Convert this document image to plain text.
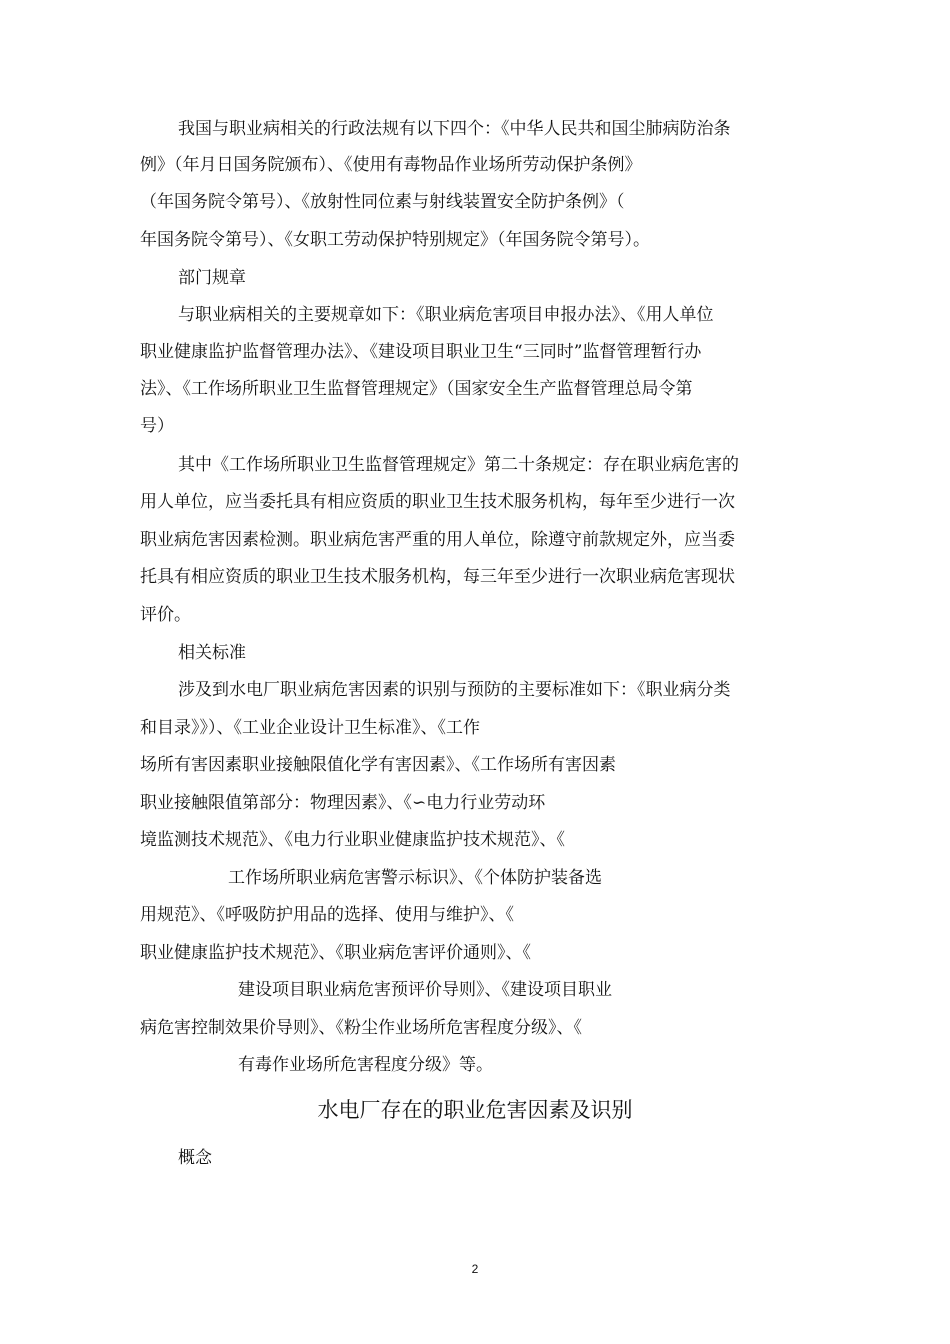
我国与职业病相关的行政法规有以下四个：《中华人民共和国尘肺病防治条
例》（年月日国务院颁布）、《使用有毒物品作业场所劳动保护条例》
（年国务院令第号）、《放射性同位素与射线装置安全防护条例》（
年国务院令第号）、《女职工劳动保护特别规定》（年国务院令第号）。
部门规章
与职业病相关的主要规章如下：《职业病危害项目申报办法》、《用人单位
职业健康监护监督管理办法》、《建设项目职业卫生“三同时”监督管理暂行办
法》、《工作场所职业卫生监督管理规定》（国家安全生产监督管理总局令第
号）
其中《工作场所职业卫生监督管理规定》第二十条规定：存在职业病危害的
用人单位，应当委托具有相应资质的职业卫生技术服务机构，每年至少进行一次
职业病危害因素检测。职业病危害严重的用人单位，除遵守前款规定外，应当委
托具有相应资质的职业卫生技术服务机构，每三年至少进行一次职业病危害现状
评价。
相关标准
涉及到水电厂职业病危害因素的识别与预防的主要标准如下：《职业病分类
和目录》》）、《工业企业设计卫生标准》、《工作
场所有害因素职业接触限值化学有害因素》、《工作场所有害因素
职业接触限值第部分：物理因素》、《∽电力行业劳动环
境监测技术规范》、《电力行业职业健康监护技术规范》、《
工作场所职业病危害警示标识》、《个体防护装备选
用规范》、《呼吸防护用品的选择、使用与维护》、《
职业健康监护技术规范》、《职业病危害评价通则》、《
建设项目职业病危害预评价导则》、《建设项目职业
病危害控制效果价导则》、《粉尘作业场所危害程度分级》、《
有毒作业场所危害程度分级》等。
水电厂存在的职业危害因素及识别
概念
2
